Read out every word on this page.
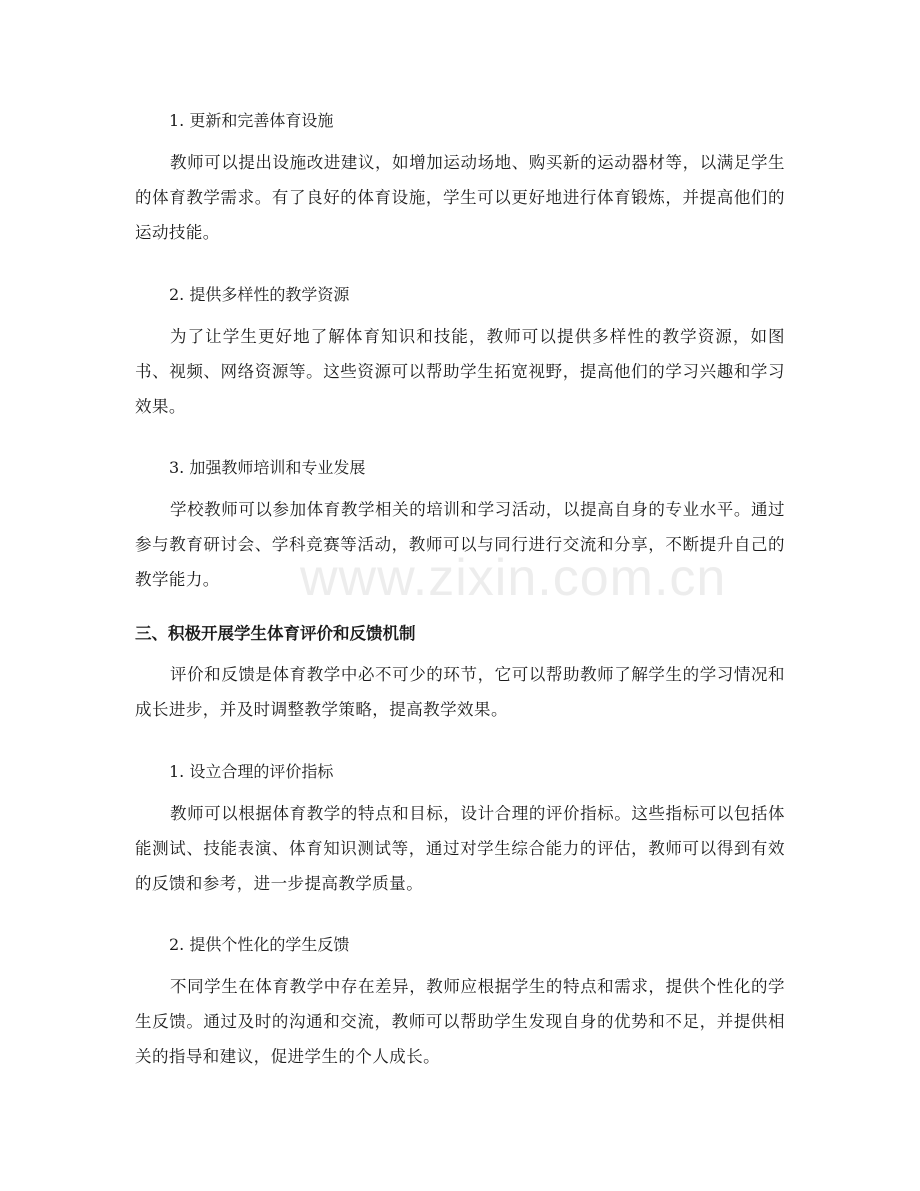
www.zixin.com.cn

1. 更新和完善体育设施

教师可以提出设施改进建议，如增加运动场地、购买新的运动器材等，以满足学生的体育教学需求。有了良好的体育设施，学生可以更好地进行体育锻炼，并提高他们的运动技能。

2. 提供多样性的教学资源

为了让学生更好地了解体育知识和技能，教师可以提供多样性的教学资源，如图书、视频、网络资源等。这些资源可以帮助学生拓宽视野，提高他们的学习兴趣和学习效果。

3. 加强教师培训和专业发展

学校教师可以参加体育教学相关的培训和学习活动，以提高自身的专业水平。通过参与教育研讨会、学科竞赛等活动，教师可以与同行进行交流和分享，不断提升自己的教学能力。

三、积极开展学生体育评价和反馈机制

评价和反馈是体育教学中必不可少的环节，它可以帮助教师了解学生的学习情况和成长进步，并及时调整教学策略，提高教学效果。

1. 设立合理的评价指标

教师可以根据体育教学的特点和目标，设计合理的评价指标。这些指标可以包括体能测试、技能表演、体育知识测试等，通过对学生综合能力的评估，教师可以得到有效的反馈和参考，进一步提高教学质量。

2. 提供个性化的学生反馈

不同学生在体育教学中存在差异，教师应根据学生的特点和需求，提供个性化的学生反馈。通过及时的沟通和交流，教师可以帮助学生发现自身的优势和不足，并提供相关的指导和建议，促进学生的个人成长。
